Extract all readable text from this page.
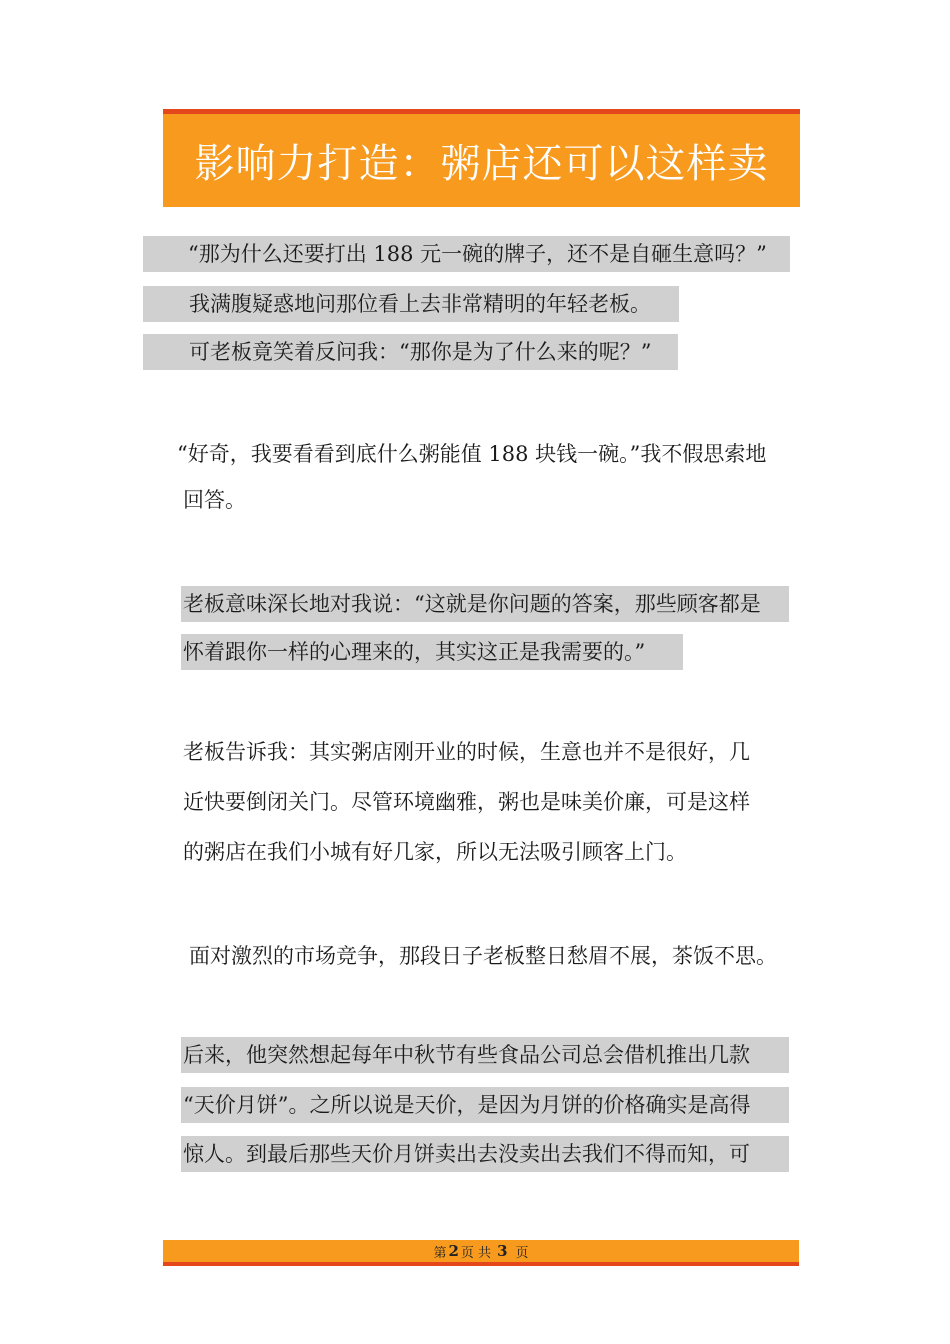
影响力打造：粥店还可以这样卖
“那为什么还要打出 188 元一碗的牌子，还不是自砸生意吗？”
我满腹疑惑地问那位看上去非常精明的年轻老板。
可老板竟笑着反问我：“那你是为了什么来的呢？”
“好奇，我要看看到底什么粥能值 188 块钱一碗。”我不假思索地
回答。
老板意味深长地对我说：“这就是你问题的答案，那些顾客都是
怀着跟你一样的心理来的，其实这正是我需要的。”
老板告诉我：其实粥店刚开业的时候，生意也并不是很好，几
近快要倒闭关门。尽管环境幽雅，粥也是味美价廉，可是这样
的粥店在我们小城有好几家，所以无法吸引顾客上门。
面对激烈的市场竞争，那段日子老板整日愁眉不展，茶饭不思。
后来，他突然想起每年中秋节有些食品公司总会借机推出几款
“天价月饼”。之所以说是天价，是因为月饼的价格确实是高得
惊人。到最后那些天价月饼卖出去没卖出去我们不得而知，可
第 2 页 共 3 页
